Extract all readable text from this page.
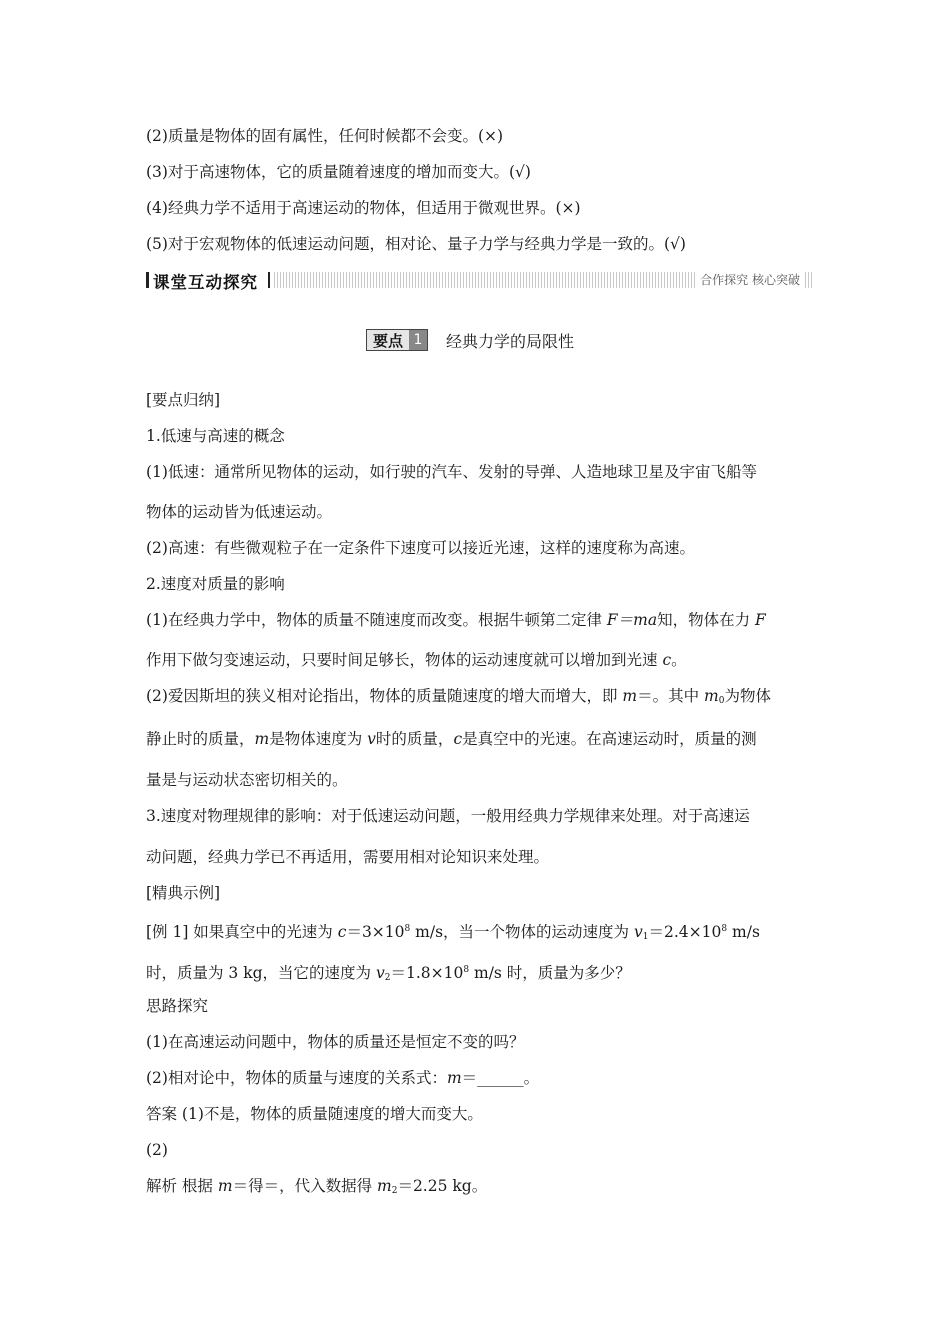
(2)质量是物体的固有属性，任何时候都不会变。(×)
(3)对于高速物体，它的质量随着速度的增加而变大。(√)
(4)经典力学不适用于高速运动的物体，但适用于微观世界。(×)
(5)对于宏观物体的低速运动问题，相对论、量子力学与经典力学是一致的。(√)
课堂互动探究	合作探究 核心突破
要点 1 经典力学的局限性
[要点归纳]
1.低速与高速的概念
(1)低速：通常所见物体的运动，如行驶的汽车、发射的导弹、人造地球卫星及宇宙飞船等
物体的运动皆为低速运动。
(2)高速：有些微观粒子在一定条件下速度可以接近光速，这样的速度称为高速。
2.速度对质量的影响
(1)在经典力学中，物体的质量不随速度而改变。根据牛顿第二定律 F＝ma知，物体在力 F
作用下做匀变速运动，只要时间足够长，物体的运动速度就可以增加到光速 c。
(2)爱因斯坦的狭义相对论指出，物体的质量随速度的增大而增大，即 m＝。其中 $m_0$为物体
静止时的质量，m是物体速度为 v时的质量，c是真空中的光速。在高速运动时，质量的测
量是与运动状态密切相关的。
3.速度对物理规律的影响：对于低速运动问题，一般用经典力学规律来处理。对于高速运
动问题，经典力学已不再适用，需要用相对论知识来处理。
[精典示例]
[例 1] 如果真空中的光速为 $c=3\times 10^8$ m/s，当一个物体的运动速度为 $v_1=2.4\times 10^8$ m/s
时，质量为 3 kg，当它的速度为 $v_2=1.8\times 10^8$ m/s 时，质量为多少？
思路探究
(1)在高速运动问题中，物体的质量还是恒定不变的吗？
(2)相对论中，物体的质量与速度的关系式：m＝______。
答案 (1)不是，物体的质量随速度的增大而变大。
(2)
解析 根据 m＝得＝，代入数据得 $m_2=2.25$ kg。
